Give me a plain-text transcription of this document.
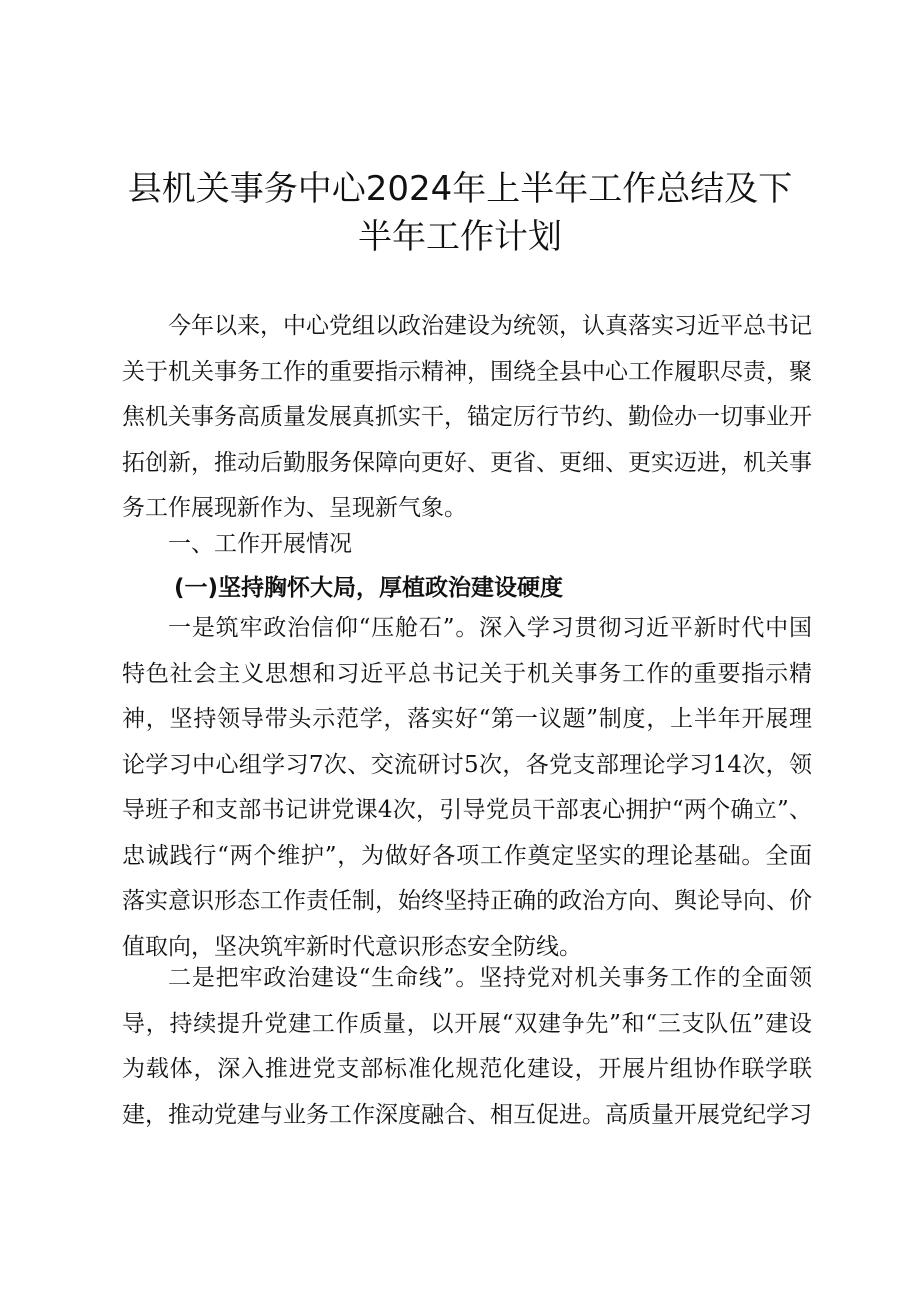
县机关事务中心2024年上半年工作总结及下
半年工作计划

今年以来，中心党组以政治建设为统领，认真落实习近平总书记关于机关事务工作的重要指示精神，围绕全县中心工作履职尽责，聚焦机关事务高质量发展真抓实干，锚定厉行节约、勤俭办一切事业开拓创新，推动后勤服务保障向更好、更省、更细、更实迈进，机关事务工作展现新作为、呈现新气象。

一、工作开展情况

(一)坚持胸怀大局，厚植政治建设硬度

一是筑牢政治信仰“压舱石”。深入学习贯彻习近平新时代中国特色社会主义思想和习近平总书记关于机关事务工作的重要指示精神，坚持领导带头示范学，落实好“第一议题”制度，上半年开展理论学习中心组学习7次、交流研讨5次，各党支部理论学习14次，领导班子和支部书记讲党课4次，引导党员干部衷心拥护“两个确立”、忠诚践行“两个维护”，为做好各项工作奠定坚实的理论基础。全面落实意识形态工作责任制，始终坚持正确的政治方向、舆论导向、价值取向，坚决筑牢新时代意识形态安全防线。

二是把牢政治建设“生命线”。坚持党对机关事务工作的全面领导，持续提升党建工作质量，以开展“双建争先”和“三支队伍”建设为载体，深入推进党支部标准化规范化建设，开展片组协作联学联建，推动党建与业务工作深度融合、相互促进。高质量开展党纪学习
